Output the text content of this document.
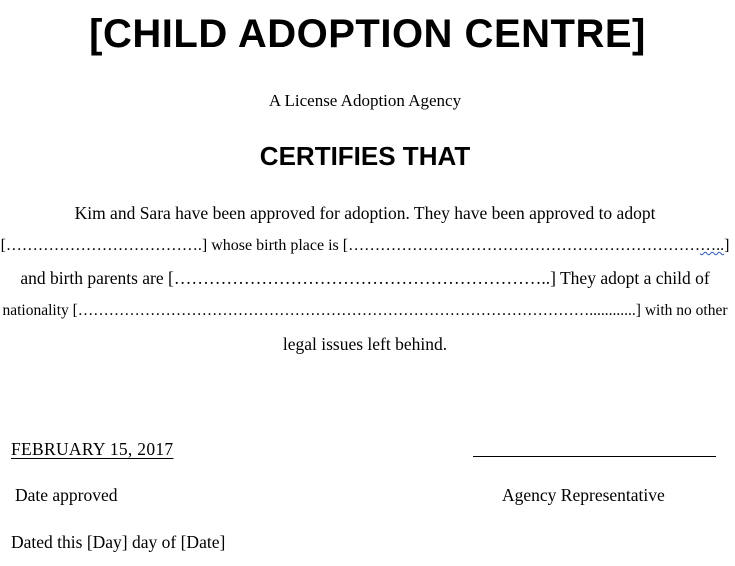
[CHILD ADOPTION CENTRE]
A License Adoption Agency
CERTIFIES THAT
Kim and Sara have been approved for adoption. They have been approved to adopt
[……………………………….] whose birth place is [……………………………………………………………..]
and birth parents are [………………………………………………………..] They adopt a child of
nationality [………………………………………………………………………………………............] with no other
legal issues left behind.
FEBRUARY 15, 2017
Date approved	Agency Representative
Dated this [Day] day of [Date]
